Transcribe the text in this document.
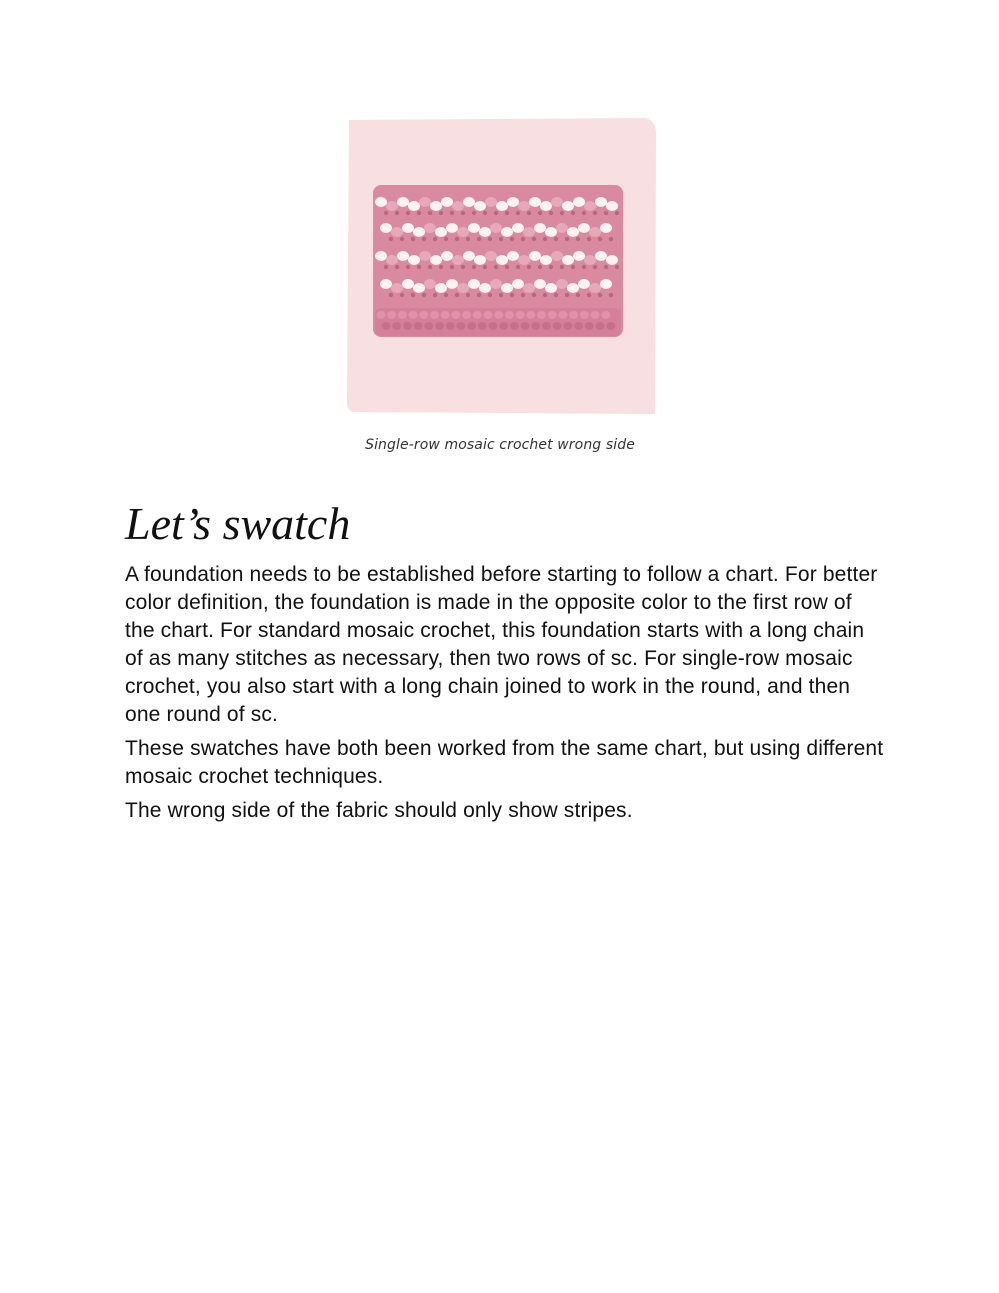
Single-row mosaic crochet wrong side
Let’s swatch

A foundation needs to be established before starting to follow a chart. For better color definition, the foundation is made in the opposite color to the first row of the chart. For standard mosaic crochet, this foundation starts with a long chain of as many stitches as necessary, then two rows of sc. For single-row mosaic crochet, you also start with a long chain joined to work in the round, and then one round of sc.

These swatches have both been worked from the same chart, but using different mosaic crochet techniques.

The wrong side of the fabric should only show stripes.
